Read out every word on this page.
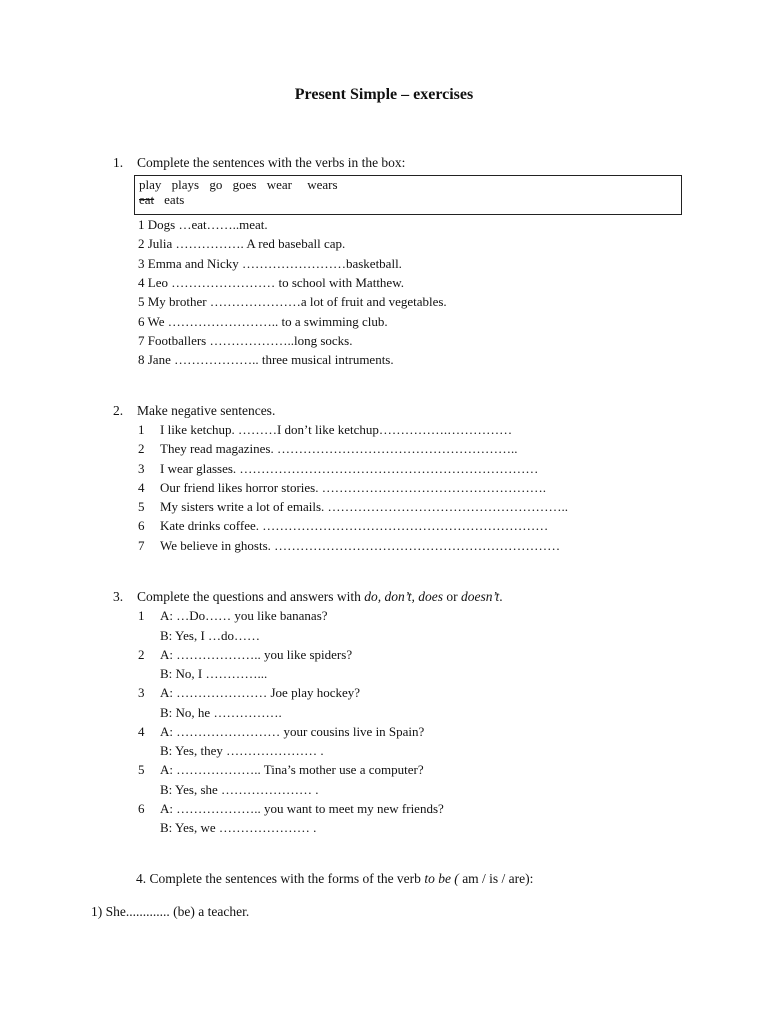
Present Simple – exercises
1. Complete the sentences with the verbs in the box:
play plays go goes wear wears
eat eats
1 Dogs …eat……..meat.
2 Julia ……………. A red baseball cap.
3 Emma and Nicky ……………………basketball.
4 Leo …………………… to school with Matthew.
5 My brother …………………a lot of fruit and vegetables.
6 We …………………….. to a swimming club.
7 Footballers ………………..long socks.
8 Jane ……………….. three musical intruments.
2. Make negative sentences.
1 I like ketchup. ………I don’t like ketchup…………….……………
2 They read magazines. ………………………………………………..
3 I wear glasses. ……………………………………………………………
4 Our friend likes horror stories. …………………………………………….
5 My sisters write a lot of emails. ………………………………………………..
6 Kate drinks coffee. …………………………………………………………
7 We believe in ghosts. …………………………………………………………
3. Complete the questions and answers with do, don’t, does or doesn’t.
1 A: …Do…… you like bananas?
B: Yes, I …do……
2 A: ……………….. you like spiders?
B: No, I …………...
3 A: ………………… Joe play hockey?
B: No, he …………….
4 A: …………………… your cousins live in Spain?
B: Yes, they ………………… .
5 A: ……………….. Tina’s mother use a computer?
B: Yes, she ………………… .
6 A: ……………….. you want to meet my new friends?
B: Yes, we ………………… .
4. Complete the sentences with the forms of the verb to be ( am / is / are):
1) She............. (be) a teacher.
